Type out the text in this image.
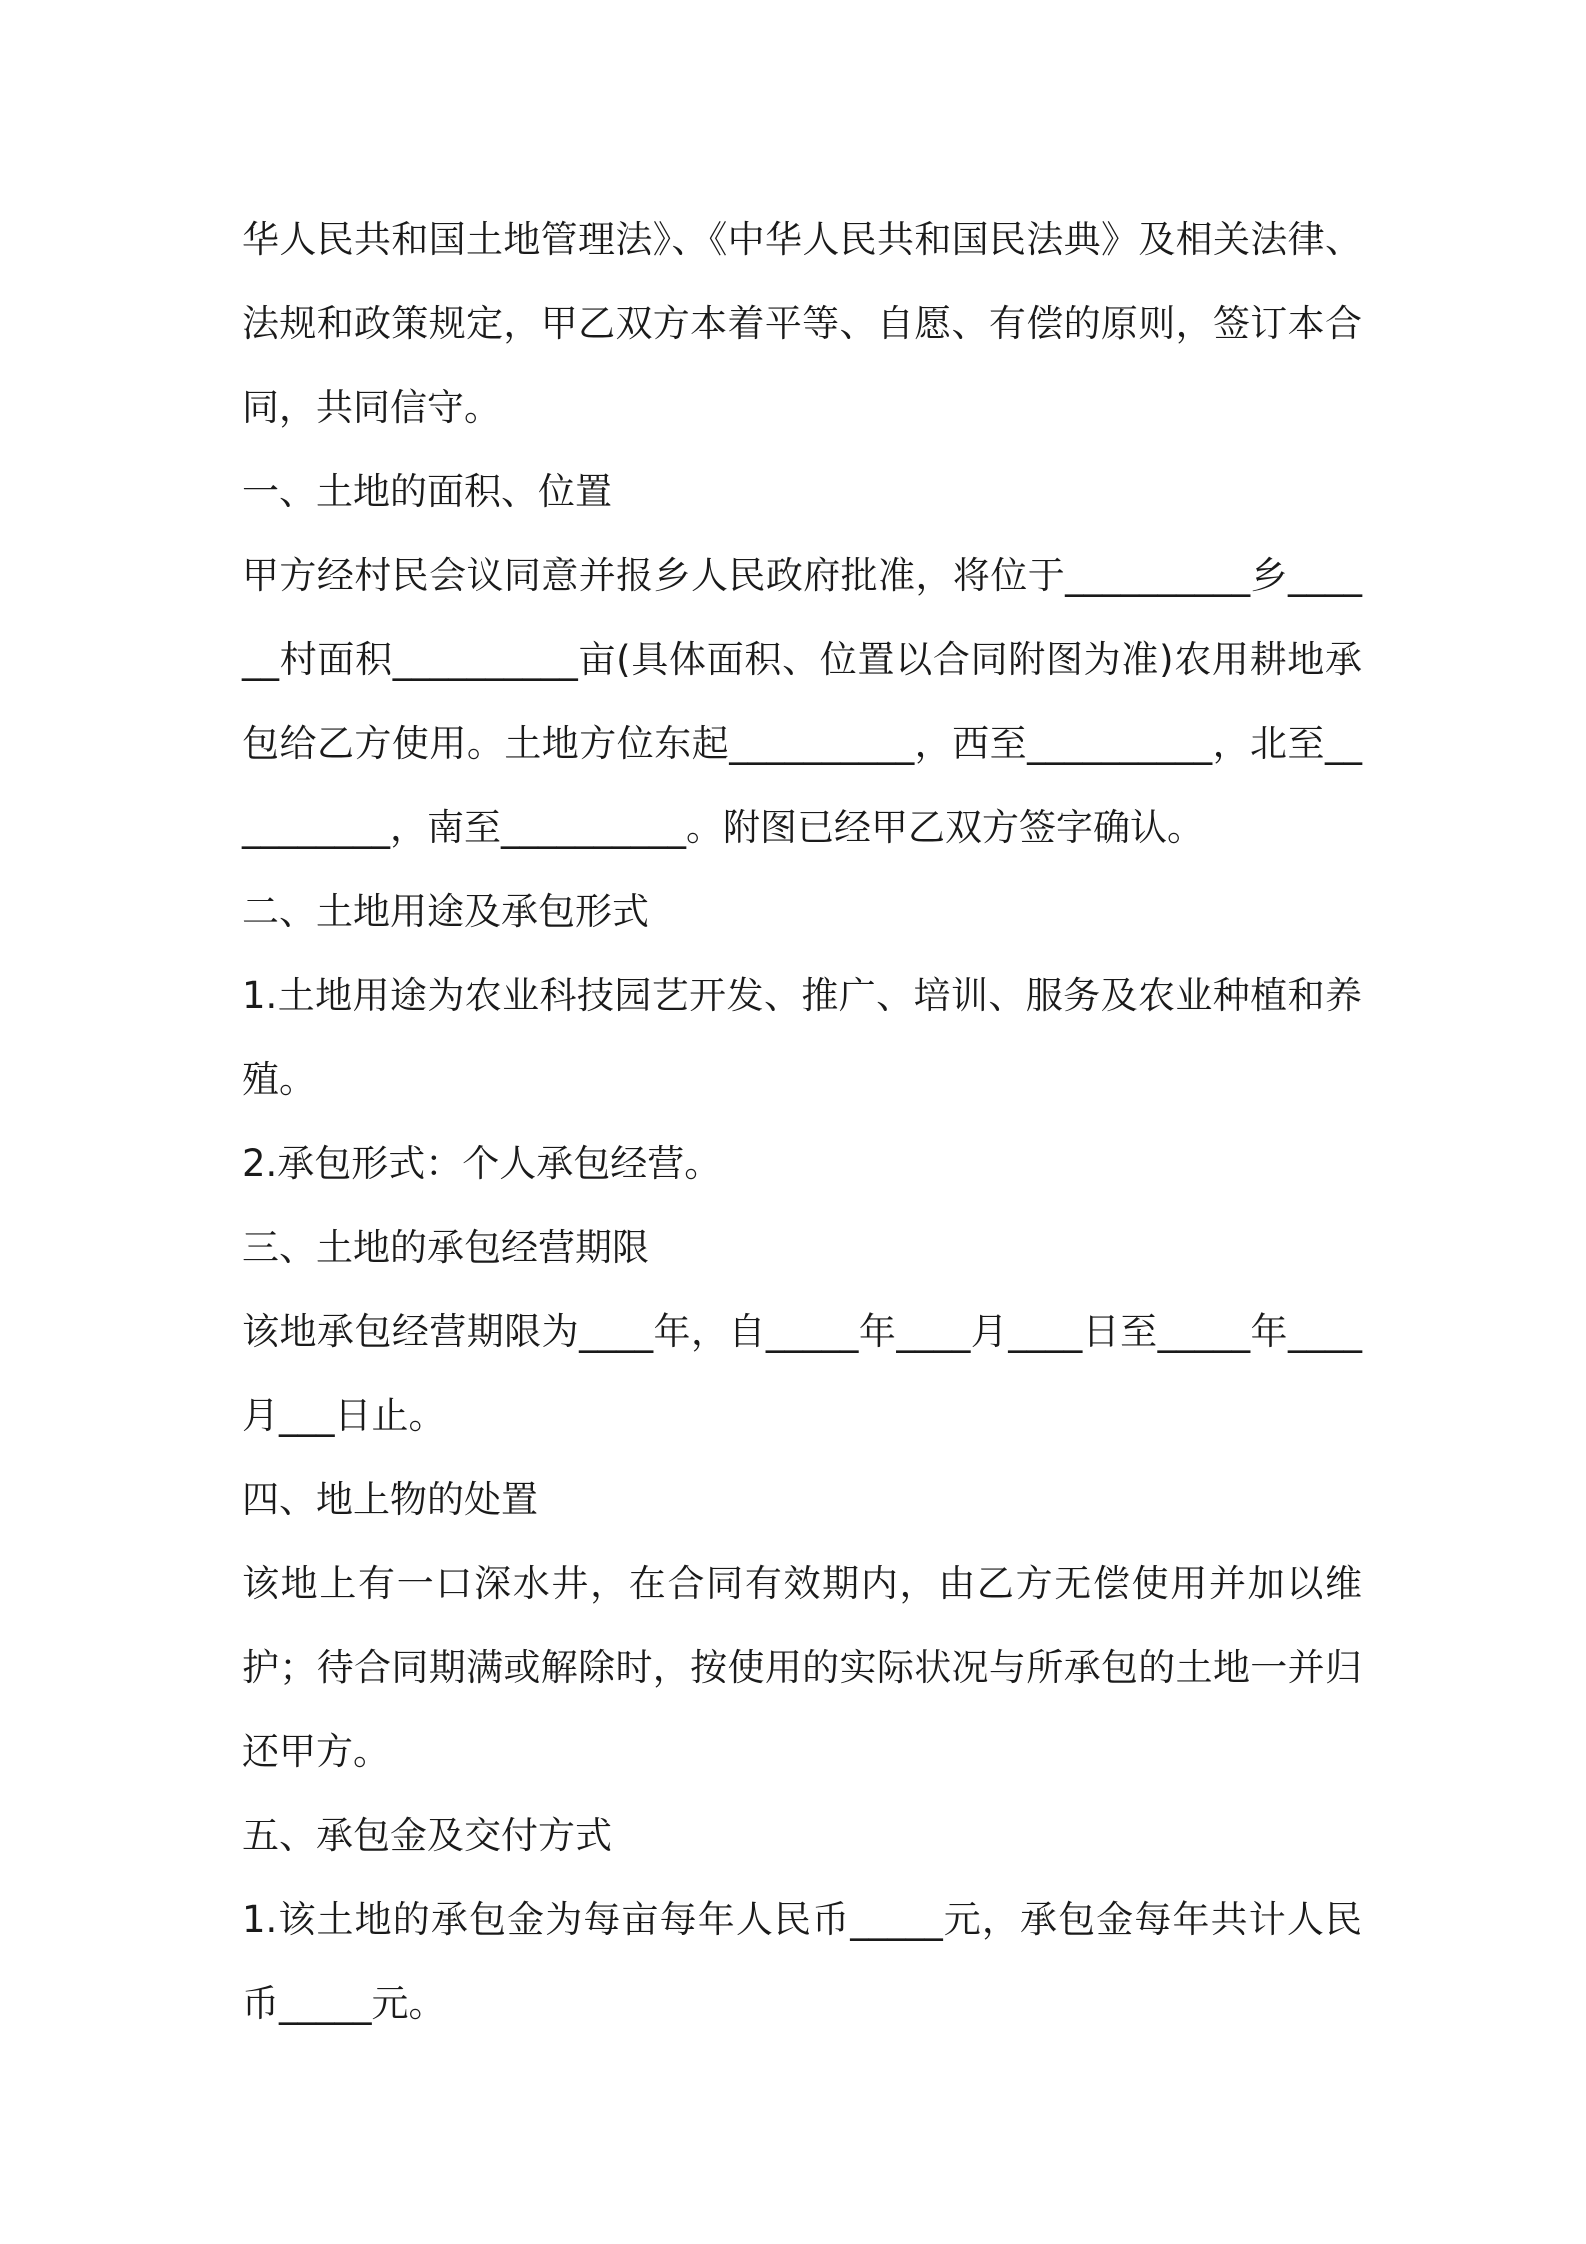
华人民共和国土地管理法》、《中华人民共和国民法典》及相关法律、法规和政策规定，甲乙双方本着平等、自愿、有偿的原则，签订本合同，共同信守。

一、土地的面积、位置

甲方经村民会议同意并报乡人民政府批准，将位于__________乡______村面积__________亩(具体面积、位置以合同附图为准)农用耕地承包给乙方使用。土地方位东起__________，西至__________，北至__________，南至__________。附图已经甲乙双方签字确认。

二、土地用途及承包形式

1.土地用途为农业科技园艺开发、推广、培训、服务及农业种植和养殖。

2.承包形式：个人承包经营。

三、土地的承包经营期限

该地承包经营期限为____年，自_____年____月____日至_____年____月___日止。

四、地上物的处置

该地上有一口深水井，在合同有效期内，由乙方无偿使用并加以维护；待合同期满或解除时，按使用的实际状况与所承包的土地一并归还甲方。

五、承包金及交付方式

1.该土地的承包金为每亩每年人民币_____元，承包金每年共计人民币_____元。
